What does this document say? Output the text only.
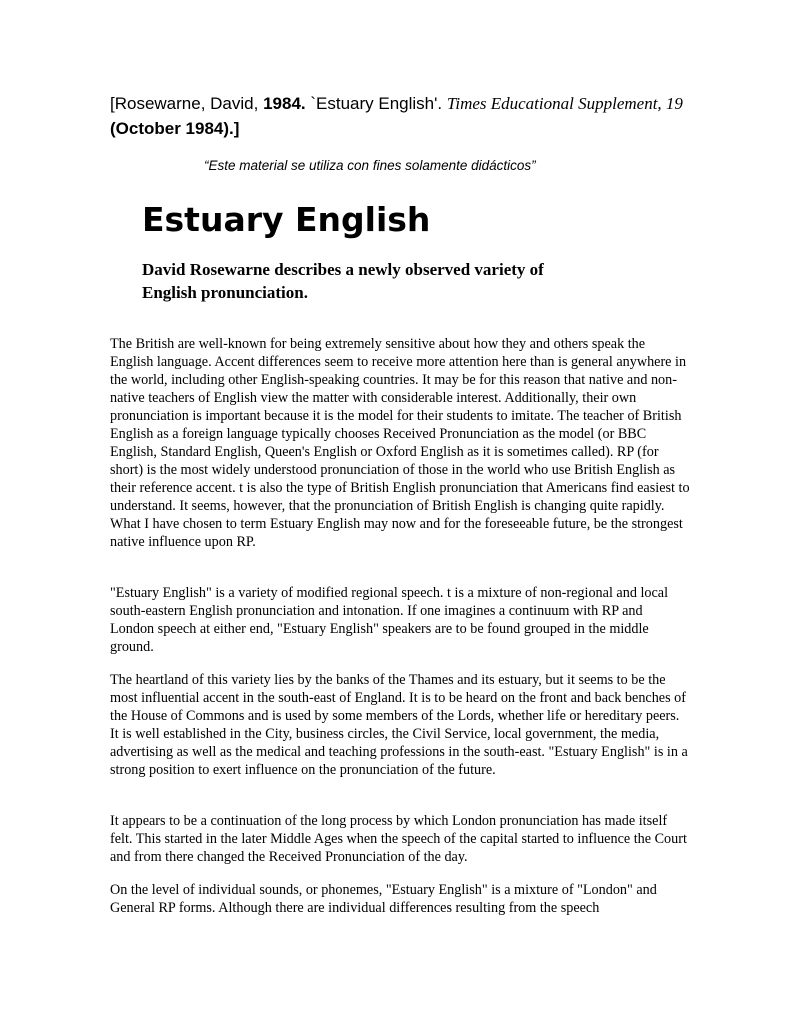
[Rosewarne, David, 1984. `Estuary English'. Times Educational Supplement, 19 (October 1984).]
“Este material se utiliza con fines solamente didácticos”
Estuary English
David Rosewarne describes a newly observed variety of English pronunciation.

The British are well-known for being extremely sensitive about how they and others speak the English language. Accent differences seem to receive more attention here than is general anywhere in the world, including other English-speaking countries. It may be for this reason that native and non-native teachers of English view the matter with considerable interest. Additionally, their own pronunciation is important because it is the model for their students to imitate. The teacher of British English as a foreign language typically chooses Received Pronunciation as the model (or BBC English, Standard English, Queen's English or Oxford English as it is sometimes called). RP (for short) is the most widely understood pronunciation of those in the world who use British English as their reference accent. t is also the type of British English pronunciation that Americans find easiest to understand. It seems, however, that the pronunciation of British English is changing quite rapidly. What I have chosen to term Estuary English may now and for the foreseeable future, be the strongest native influence upon RP.

"Estuary English" is a variety of modified regional speech. t is a mixture of non-regional and local south-eastern English pronunciation and intonation. If one imagines a continuum with RP and London speech at either end, "Estuary English" speakers are to be found grouped in the middle ground.

The heartland of this variety lies by the banks of the Thames and its estuary, but it seems to be the most influential accent in the south-east of England. It is to be heard on the front and back benches of the House of Commons and is used by some members of the Lords, whether life or hereditary peers. It is well established in the City, business circles, the Civil Service, local government, the media, advertising as well as the medical and teaching professions in the south-east. "Estuary English" is in a strong position to exert influence on the pronunciation of the future.

It appears to be a continuation of the long process by which London pronunciation has made itself felt. This started in the later Middle Ages when the speech of the capital started to influence the Court and from there changed the Received Pronunciation of the day.

On the level of individual sounds, or phonemes, "Estuary English" is a mixture of "London" and General RP forms. Although there are individual differences resulting from the speech
